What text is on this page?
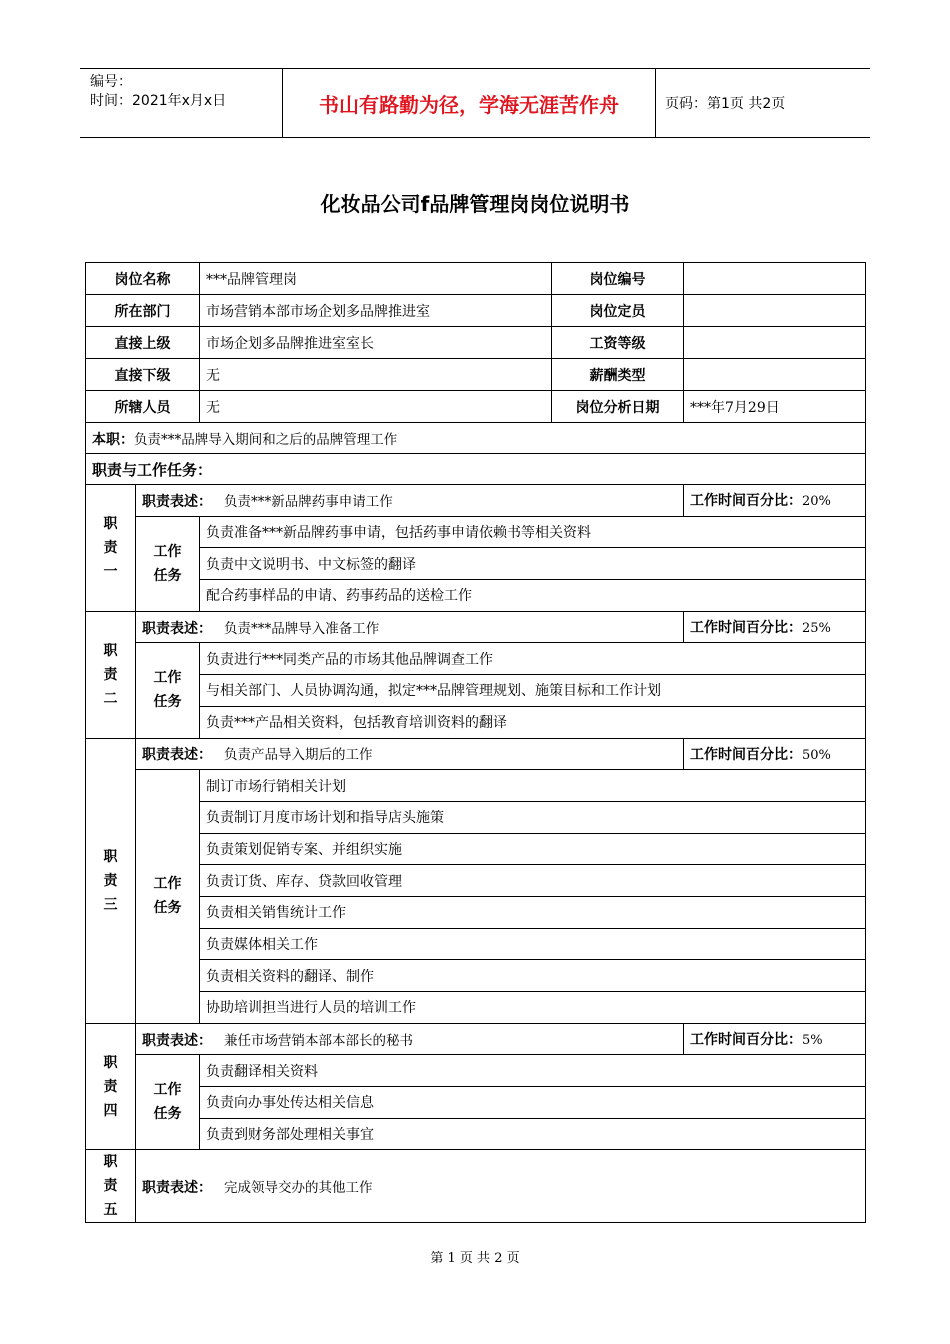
编号：
时间：2021年x月x日	书山有路勤为径，学海无涯苦作舟	页码：第1页 共2页
化妆品公司f品牌管理岗岗位说明书
岗位名称		***品牌管理岗	岗位编号	
所在部门		市场营销本部市场企划多品牌推进室	岗位定员	
直接上级		市场企划多品牌推进室室长	工资等级	
直接下级		无	薪酬类型	
所辖人员		无	岗位分析日期	***年7月29日
本职：负责***品牌导入期间和之后的品牌管理工作				
职责与工作任务：				

职
责
一	职责表述： 负责***新品牌药事申请工作			工作时间百分比：20%

	工作
任务	负责准备***新品牌药事申请，包括药事申请依赖书等相关资料		
		负责中文说明书、中文标签的翻译		
		配合药事样品的申请、药事药品的送检工作		

职
责
二	职责表述： 负责***品牌导入准备工作			工作时间百分比：25%

	工作
任务	负责进行***同类产品的市场其他品牌调查工作		
		与相关部门、人员协调沟通，拟定***品牌管理规划、施策目标和工作计划		
		负责***产品相关资料，包括教育培训资料的翻译		

职
责
三	职责表述： 负责产品导入期后的工作			工作时间百分比：50%

	工作
任务	制订市场行销相关计划		
		负责制订月度市场计划和指导店头施策		
		负责策划促销专案、并组织实施		
		负责订货、库存、贷款回收管理		
		负责相关销售统计工作		
		负责媒体相关工作		
		负责相关资料的翻译、制作		
		协助培训担当进行人员的培训工作		

职
责
四	职责表述： 兼任市场营销本部本部长的秘书			工作时间百分比：5%

	工作
任务	负责翻译相关资料		
		负责向办事处传达相关信息		
		负责到财务部处理相关事宜		

职
责
五	职责表述： 完成领导交办的其他工作			
第 1 页 共 2 页
